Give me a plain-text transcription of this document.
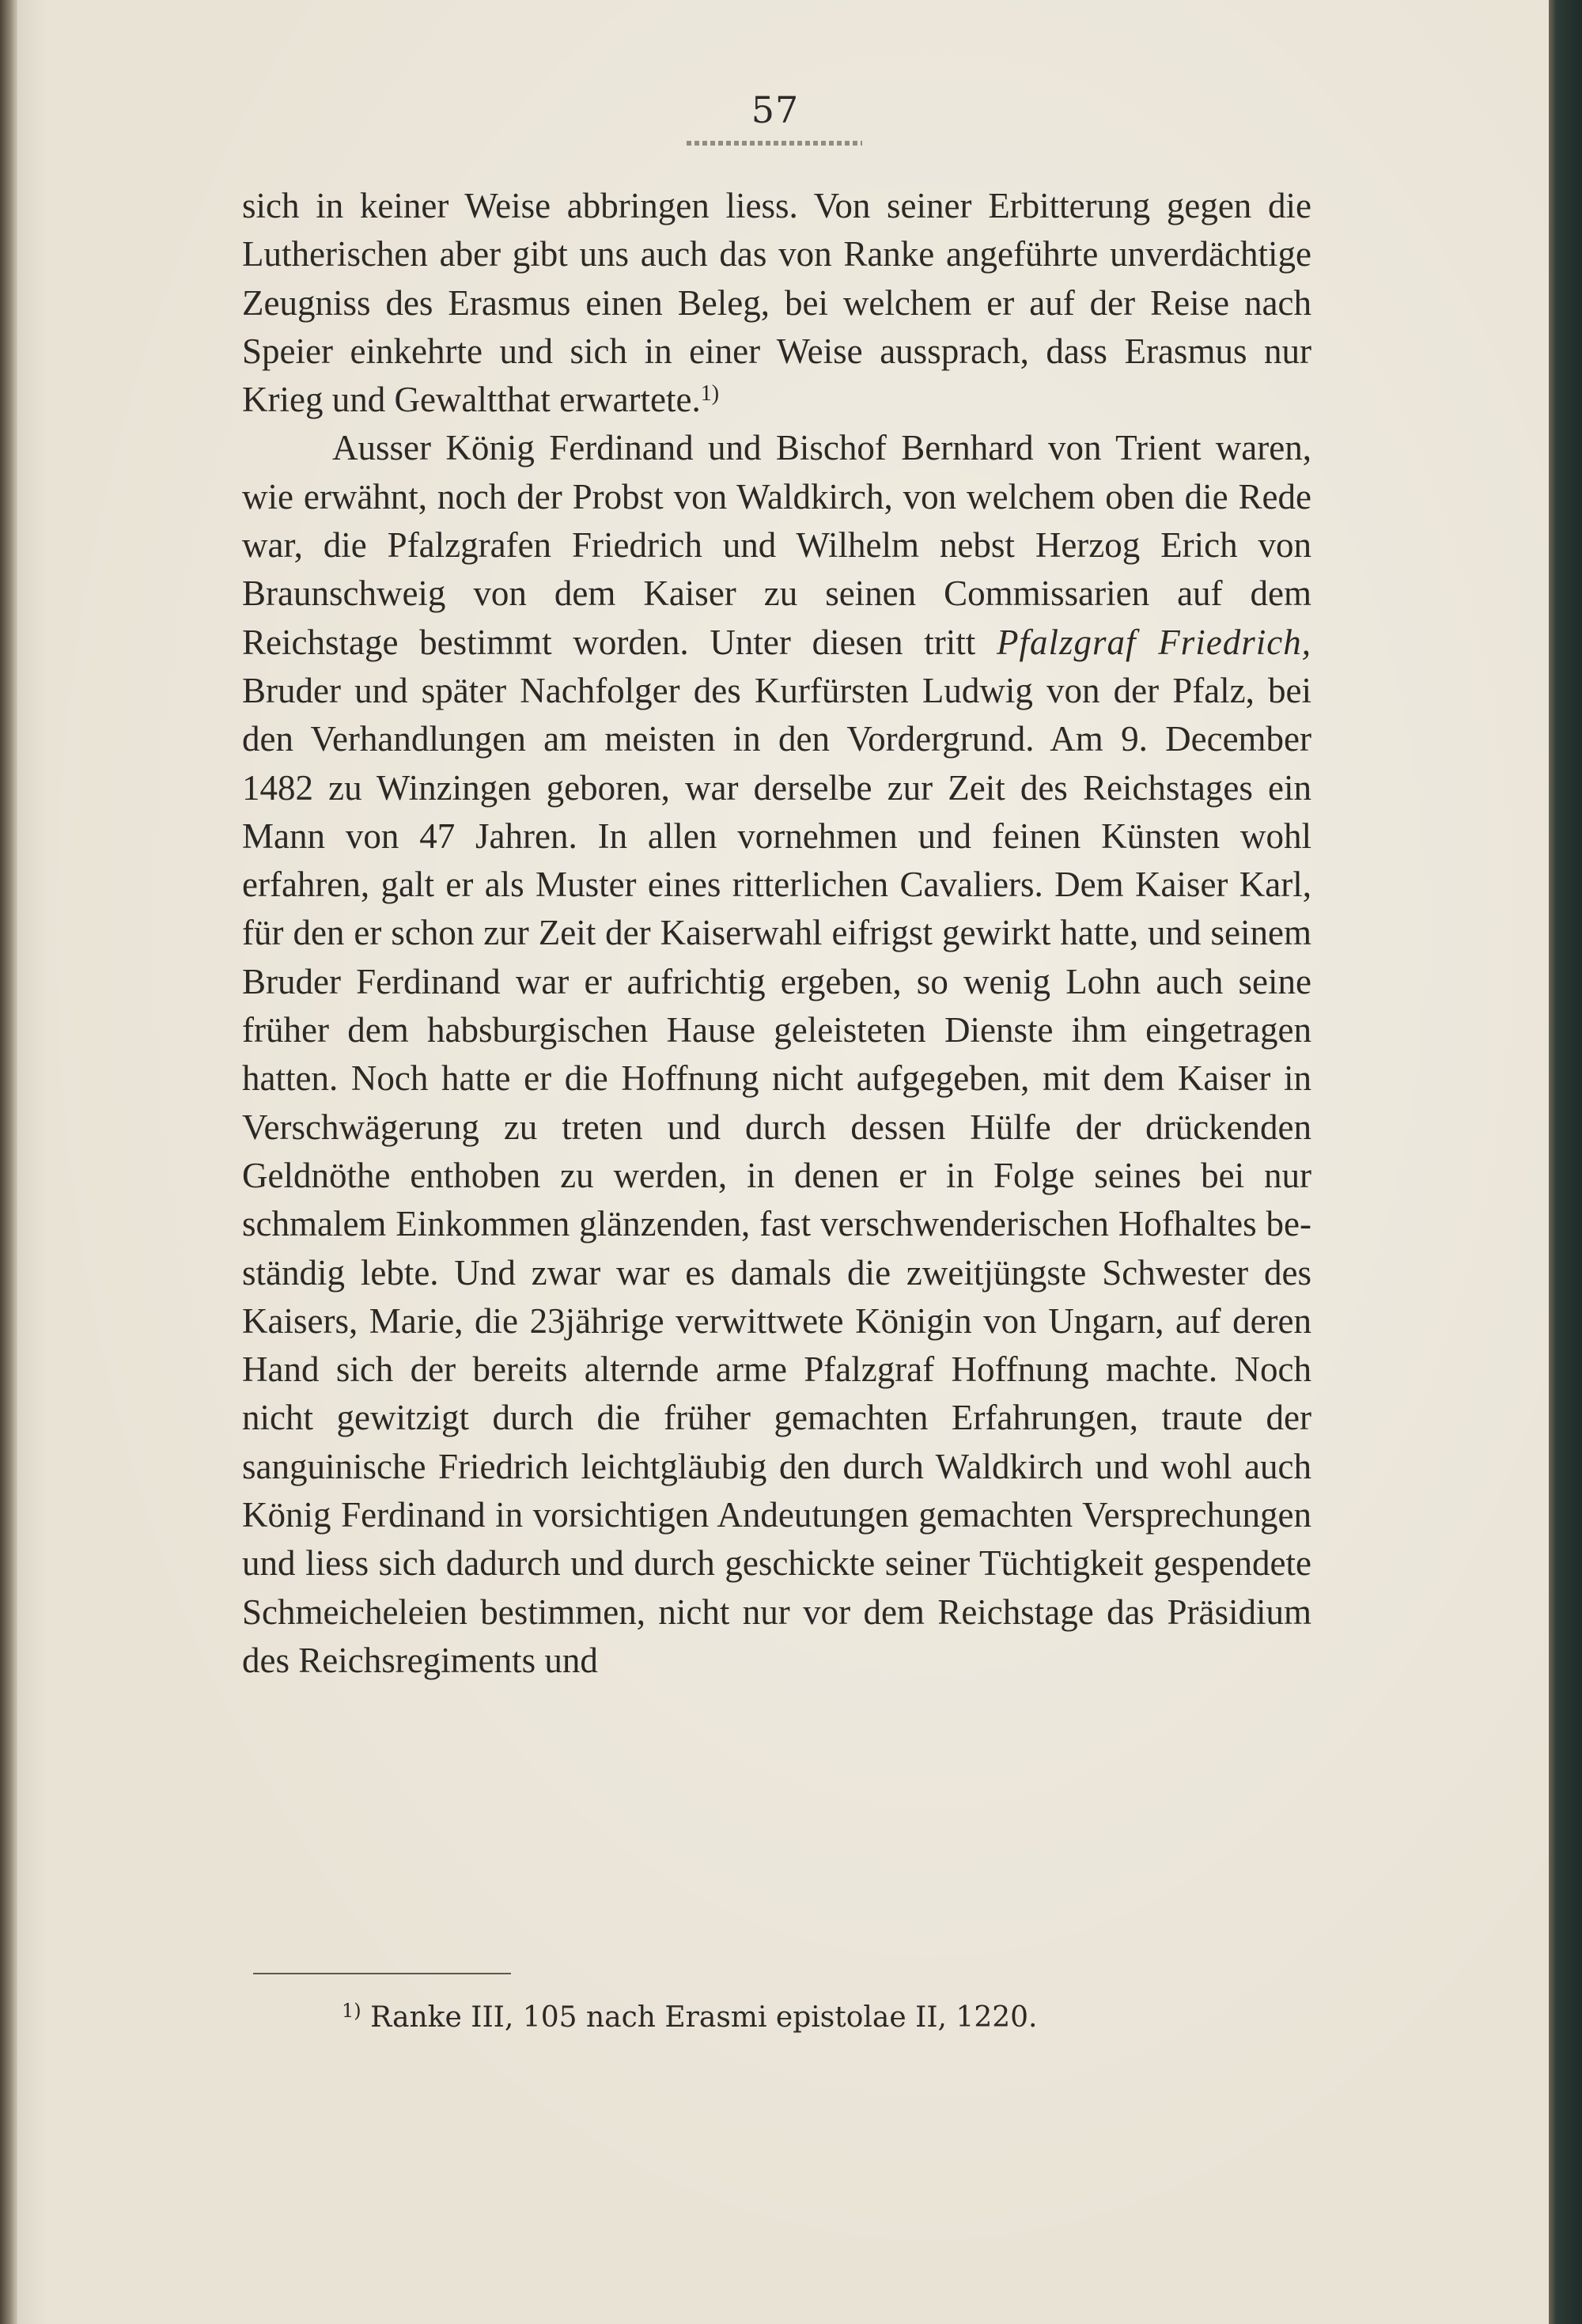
57

sich in keiner Weise abbringen liess. Von seiner Erbitterung gegen die Lutherischen aber gibt uns auch das von Ranke angeführte unverdächtige Zeugniss des Erasmus einen Beleg, bei welchem er auf der Reise nach Speier einkehrte und sich in einer Weise aussprach, dass Erasmus nur Krieg und Gewaltthat erwartete.$^{1)}$

Ausser König Ferdinand und Bischof Bernhard von Trient waren, wie erwähnt, noch der Probst von Waldkirch, von welchem oben die Rede war, die Pfalzgrafen Friedrich und Wilhelm nebst Herzog Erich von Braunschweig von dem Kaiser zu seinen Commissarien auf dem Reichstage bestimmt worden. Unter diesen tritt Pfalzgraf Friedrich, Bruder und später Nachfolger des Kurfürsten Ludwig von der Pfalz, bei den Verhandlungen am meisten in den Vordergrund. Am 9. December 1482 zu Winzingen geboren, war derselbe zur Zeit des Reichstages ein Mann von 47 Jahren. In allen vornehmen und feinen Künsten wohl erfahren, galt er als Muster eines ritterlichen Cavaliers. Dem Kaiser Karl, für den er schon zur Zeit der Kaiserwahl eifrigst gewirkt hatte, und seinem Bruder Ferdinand war er aufrichtig ergeben, so wenig Lohn auch seine früher dem habsburgischen Hause geleisteten Dienste ihm eingetragen hatten. Noch hatte er die Hoffnung nicht aufgegeben, mit dem Kaiser in Verschwägerung zu treten und durch dessen Hülfe der drückenden Geldnöthe enthoben zu werden, in denen er in Folge seines bei nur schmalem Einkommen glänzenden, fast verschwenderischen Hofhaltes beständig lebte. Und zwar war es damals die zweitjüngste Schwester des Kaisers, Marie, die 23jährige verwittwete Königin von Ungarn, auf deren Hand sich der bereits alternde arme Pfalzgraf Hoffnung machte. Noch nicht gewitzigt durch die früher gemachten Erfahrungen, traute der sanguinische Friedrich leichtgläubig den durch Waldkirch und wohl auch König Ferdinand in vorsichtigen Andeutungen gemachten Versprechungen und liess sich dadurch und durch geschickte seiner Tüchtigkeit gespendete Schmeicheleien bestimmen, nicht nur vor dem Reichstage das Präsidium des Reichsregiments und

$^{1)}$ Ranke III, 105 nach Erasmi epistolae II, 1220.
